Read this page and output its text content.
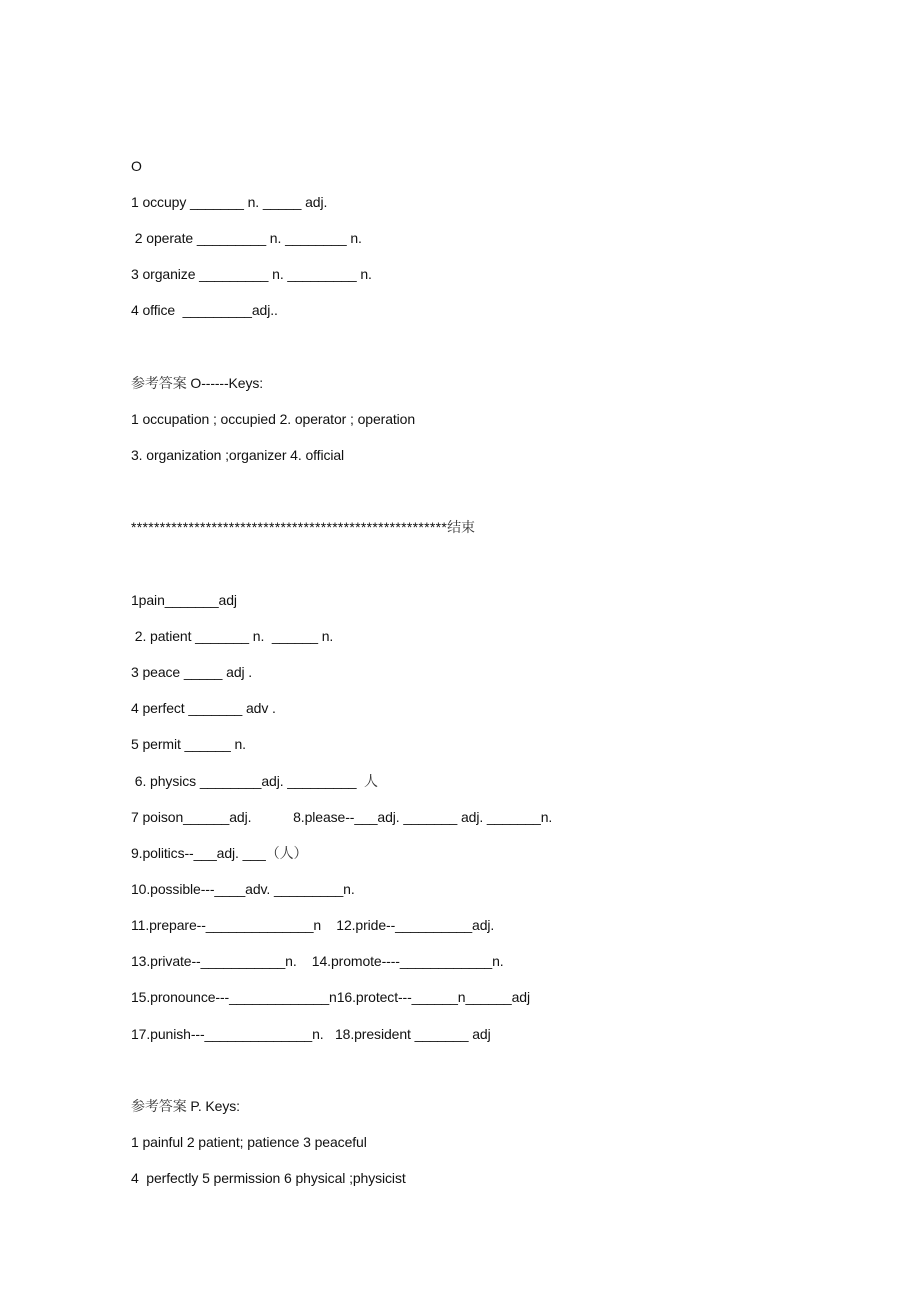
O
1 occupy _______ n. _____ adj.
2 operate _________ n. ________ n.
3 organize _________ n. _________ n.
4 office  _________adj..
参考答案 O------Keys:
1 occupation ; occupied 2. operator ; operation
3. organization ;organizer 4. official
*******************************************************结束
1pain_______adj
2. patient _______ n.  ______ n.
3 peace _____ adj .
4 perfect _______ adv .
5 permit ______ n.
6. physics ________adj. _________  人
7 poison______adj.           8.please--___adj. _______ adj. _______n.
9.politics--___adj. ___（人）
10.possible---____adv. _________n.
11.prepare--______________n    12.pride--__________adj.
13.private--___________n.    14.promote----____________n.
15.pronounce---_____________n16.protect---______n______adj
17.punish---______________n.   18.president _______ adj
参考答案 P. Keys:
1 painful 2 patient; patience 3 peaceful
4  perfectly 5 permission 6 physical ;physicist
